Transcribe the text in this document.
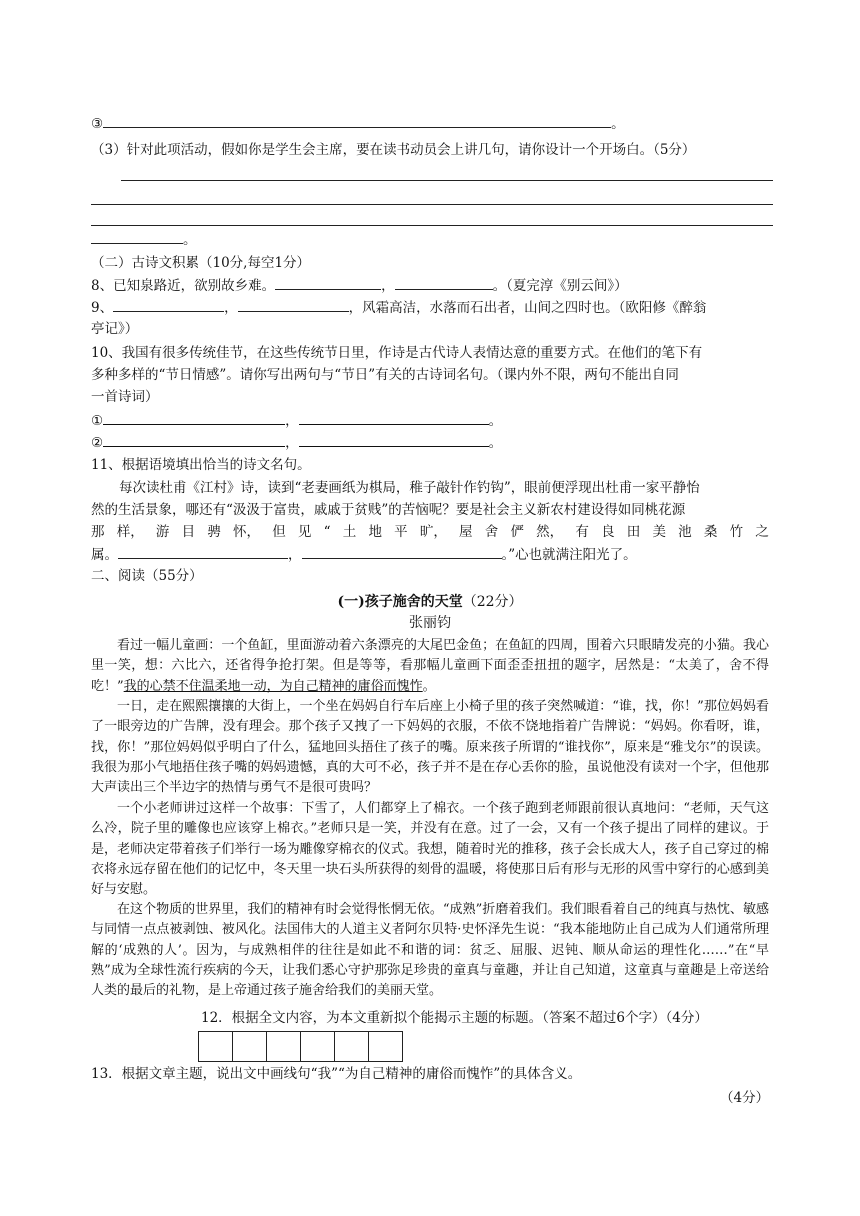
③	。
（3）针对此项活动，假如你是学生会主席，要在读书动员会上讲几句，请你设计一个开场白。（5分）
。
（二）古诗文积累（10分,每空1分）
8、已知泉路近，欲别故乡难。	，	。（夏完淳《别云间》）
9、	，	，风霜高洁，水落而石出者，山间之四时也。（欧阳修《醉翁
亭记》）
10、我国有很多传统佳节，在这些传统节日里，作诗是古代诗人表情达意的重要方式。在他们的笔下有
多种多样的“节日情感”。请你写出两句与“节日”有关的古诗词名句。（课内外不限，两句不能出自同
一首诗词）
①	，	。
②	，	。
11、根据语境填出恰当的诗文名句。
每次读杜甫《江村》诗，读到“老妻画纸为棋局，稚子敲针作钓钩”，眼前便浮现出杜甫一家平静怡
然的生活景象，哪还有“汲汲于富贵，戚戚于贫贱”的苦恼呢？要是社会主义新农村建设得如同桃花源
那 样， 游 目 骋 怀， 但 见 “ 土 地 平 旷， 屋 舍 俨 然， 有 良 田 美 池 桑 竹 之
属。	，	。”心也就满注阳光了。
二、阅读（55分）
(一)孩子施舍的天堂（22分）
张丽钧
看过一幅儿童画：一个鱼缸，里面游动着六条漂亮的大尾巴金鱼；在鱼缸的四周，围着六只眼睛发亮的小猫。我心里一笑，想：六比六，还省得争抢打架。但是等等，看那幅儿童画下面歪歪扭扭的题字，居然是：“太美了，舍不得吃！”我的心禁不住温柔地一动，为自己精神的庸俗而愧怍。
一日，走在熙熙攘攘的大街上，一个坐在妈妈自行车后座上小椅子里的孩子突然喊道：“谁，找，你！”那位妈妈看了一眼旁边的广告牌，没有理会。那个孩子又拽了一下妈妈的衣服，不依不饶地指着广告牌说：“妈妈。你看呀，谁，找，你！”那位妈妈似乎明白了什么，猛地回头捂住了孩子的嘴。原来孩子所谓的“谁找你”，原来是“雅戈尔”的误读。我很为那小气地捂住孩子嘴的妈妈遗憾，真的大可不必，孩子并不是在存心丢你的脸，虽说他没有读对一个字，但他那大声读出三个半边字的热情与勇气不是很可贵吗？
一个小老师讲过这样一个故事：下雪了，人们都穿上了棉衣。一个孩子跑到老师跟前很认真地问：“老师，天气这么冷，院子里的雕像也应该穿上棉衣。”老师只是一笑，并没有在意。过了一会，又有一个孩子提出了同样的建议。于是，老师决定带着孩子们举行一场为雕像穿棉衣的仪式。我想，随着时光的推移，孩子会长成大人，孩子自己穿过的棉衣将永远存留在他们的记忆中，冬天里一块石头所获得的刻骨的温暖，将使那日后有形与无形的风雪中穿行的心感到美好与安慰。
在这个物质的世界里，我们的精神有时会觉得怅惘无依。“成熟”折磨着我们。我们眼看着自己的纯真与热忱、敏感与同情一点点被剥蚀、被风化。法国伟大的人道主义者阿尔贝特·史怀泽先生说：“我本能地防止自己成为人们通常所理解的‘成熟的人’。因为，与成熟相伴的往往是如此不和谐的词：贫乏、屈服、迟钝、顺从命运的理性化……”在“早熟”成为全球性流行疾病的今天，让我们悉心守护那弥足珍贵的童真与童趣，并让自己知道，这童真与童趣是上帝送给人类的最后的礼物，是上帝通过孩子施舍给我们的美丽天堂。
12．根据全文内容，为本文重新拟个能揭示主题的标题。（答案不超过6个字）（4分）
13．根据文章主题，说出文中画线句“我”“为自己精神的庸俗而愧怍”的具体含义。
（4分）
